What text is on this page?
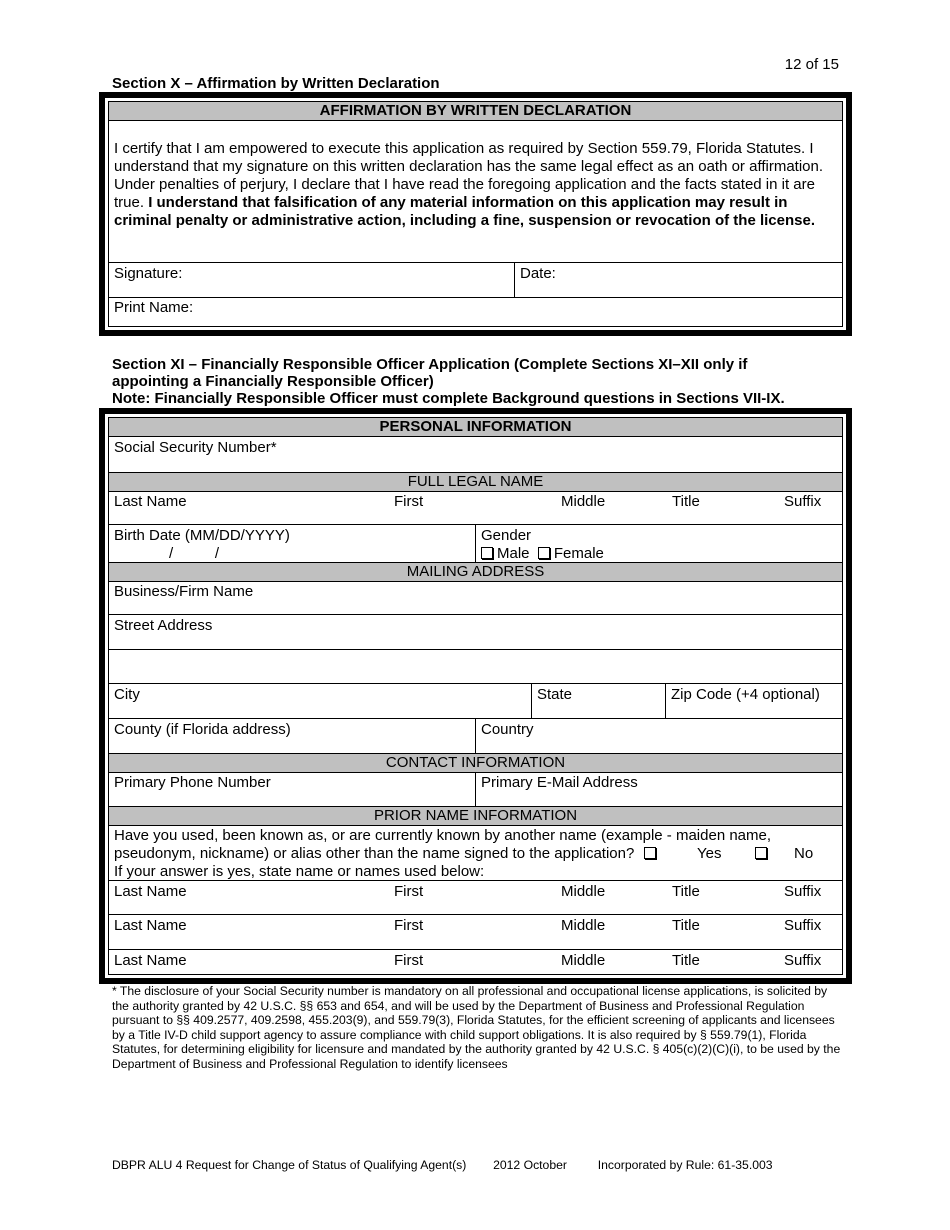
12 of 15
Section X – Affirmation by Written Declaration
AFFIRMATION BY WRITTEN DECLARATION
I certify that I am empowered to execute this application as required by Section 559.79, Florida Statutes. I understand that my signature on this written declaration has the same legal effect as an oath or affirmation. Under penalties of perjury, I declare that I have read the foregoing application and the facts stated in it are true. I understand that falsification of any material information on this application may result in criminal penalty or administrative action, including a fine, suspension or revocation of the license.
Signature:	Date:
Print Name:
Section XI – Financially Responsible Officer Application (Complete Sections XI–XII only if
appointing a Financially Responsible Officer)
Note: Financially Responsible Officer must complete Background questions in Sections VII-IX.
PERSONAL INFORMATION
Social Security Number*
FULL LEGAL NAME
Last Name	First	Middle	Title	Suffix
Birth Date (MM/DD/YYYY)
/          /
Gender
Male Female
MAILING ADDRESS
Business/Firm Name
Street Address
City	State	Zip Code (+4 optional)
County (if Florida address)	Country
CONTACT INFORMATION
Primary Phone Number	Primary E-Mail Address
PRIOR NAME INFORMATION
Have you used, been known as, or are currently known by another name (example - maiden name,
pseudonym, nickname) or alias other than the name signed to the application?	Yes	No
If your answer is yes, state name or names used below:
Last Name	First	Middle	Title	Suffix
Last Name	First	Middle	Title	Suffix
Last Name	First	Middle	Title	Suffix
* The disclosure of your Social Security number is mandatory on all professional and occupational license applications, is solicited by the authority granted by 42 U.S.C. §§ 653 and 654, and will be used by the Department of Business and Professional Regulation pursuant to §§ 409.2577, 409.2598, 455.203(9), and 559.79(3), Florida Statutes, for the efficient screening of applicants and licensees by a Title IV-D child support agency to assure compliance with child support obligations. It is also required by § 559.79(1), Florida Statutes, for determining eligibility for licensure and mandated by the authority granted by 42 U.S.C. § 405(c)(2)(C)(i), to be used by the Department of Business and Professional Regulation to identify licensees
DBPR ALU 4 Request for Change of Status of Qualifying Agent(s) 2012 October	Incorporated by Rule: 61-35.003
